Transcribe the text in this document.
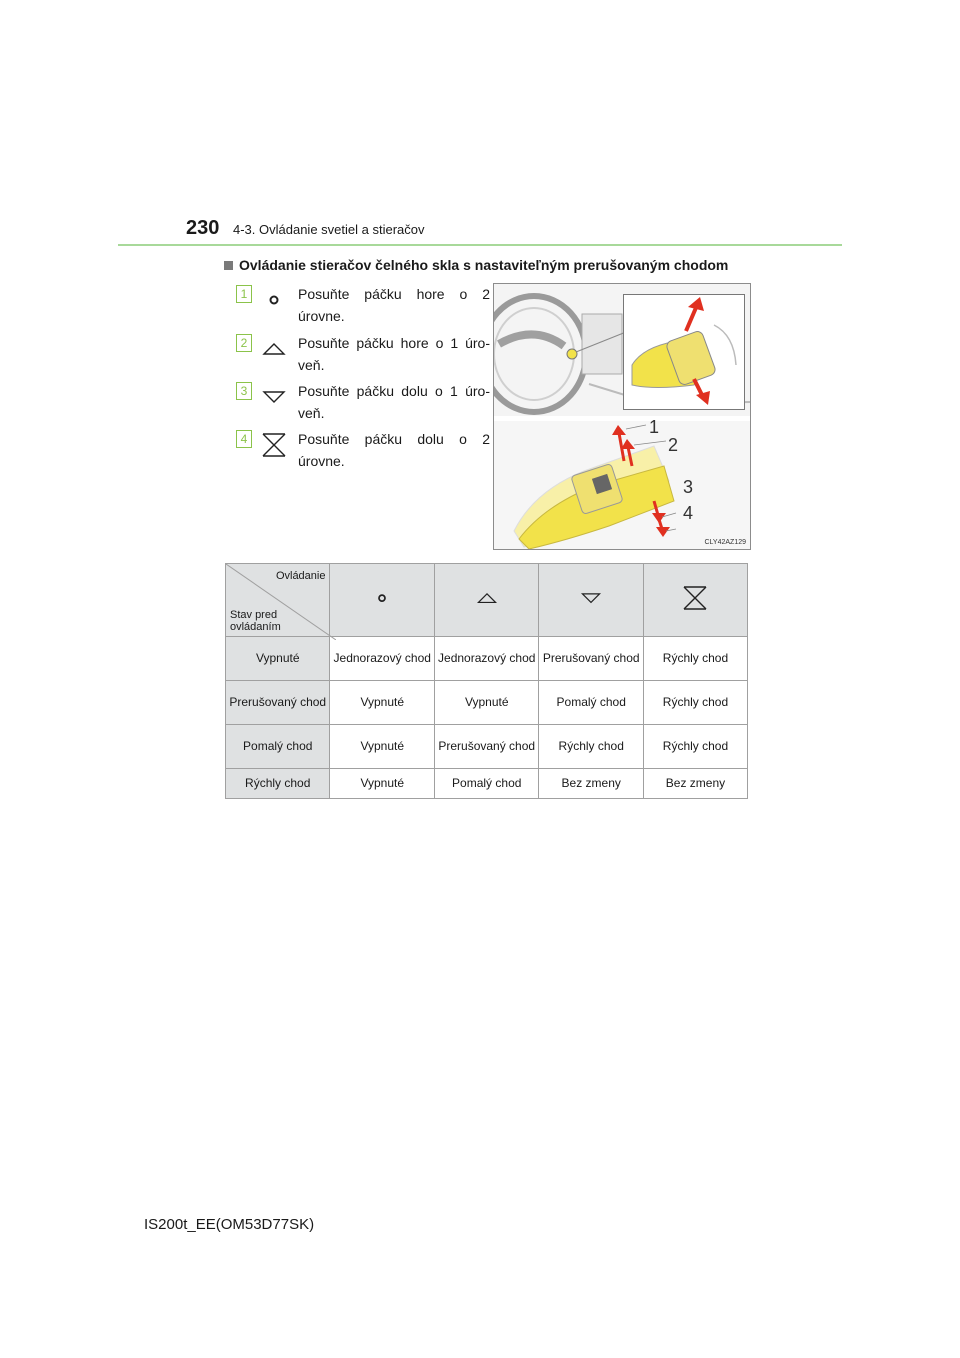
230 4-3. Ovládanie svetiel a stieračov
Ovládanie stieračov čelného skla s nastaviteľným prerušovaným chodom
1	Posuňte páčku hore o 2 úrovne.
2	Posuňte páčku hore o 1 úro-veň.
3	Posuňte páčku dolu o 1 úro-veň.
4	Posuňte páčku dolu o 2 úrovne.
1
2
3
4
CLY42AZ129
Ovládanie
Stav pred
ovládaním

Vypnuté	Jednorazový chod	Jednorazový chod	Prerušovaný chod	Rýchly chod
Prerušovaný chod	Vypnuté	Vypnuté	Pomalý chod	Rýchly chod
Pomalý chod	Vypnuté	Prerušovaný chod	Rýchly chod	Rýchly chod
Rýchly chod	Vypnuté	Pomalý chod	Bez zmeny	Bez zmeny
IS200t_EE(OM53D77SK)
